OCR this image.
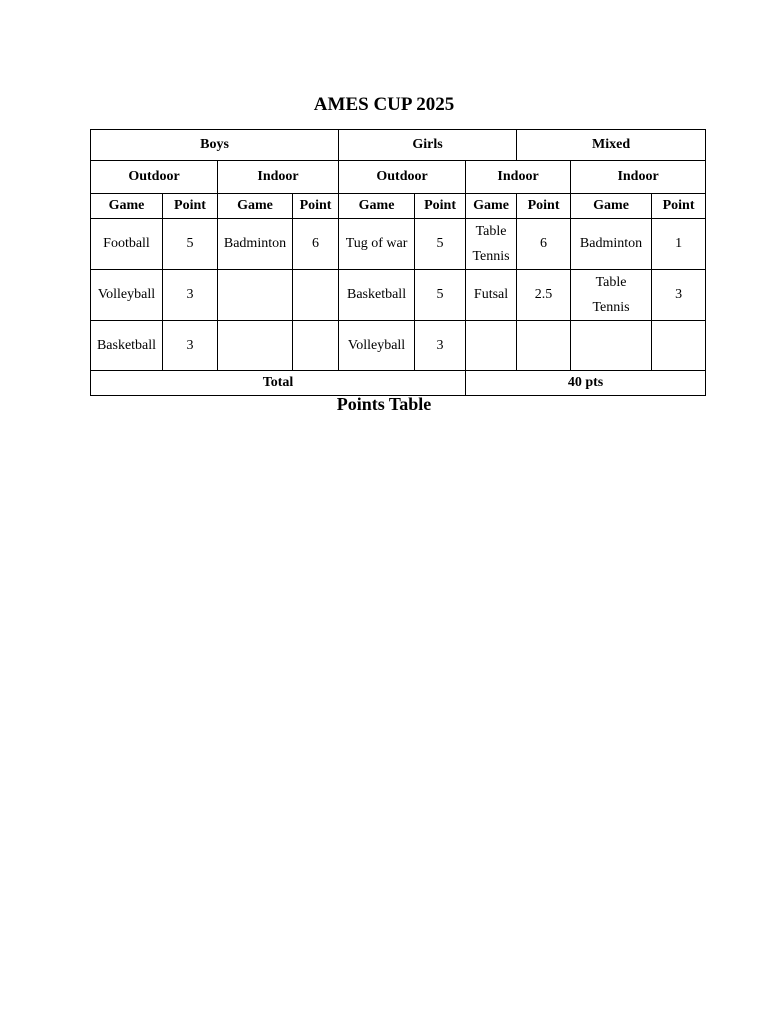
AMES CUP 2025
Boys				Girls			Mixed		
Outdoor		Indoor		Outdoor		Indoor		Indoor	
Game	Point	Game	Point	Game	Point	Game	Point	Game	Point
Football	5	Badminton	6	Tug of war	5	Table Tennis	6	Badminton	1
Volleyball	3			Basketball	5	Futsal	2.5	Table Tennis	3
Basketball	3			Volleyball	3				
Total						40 pts			
Points Table
